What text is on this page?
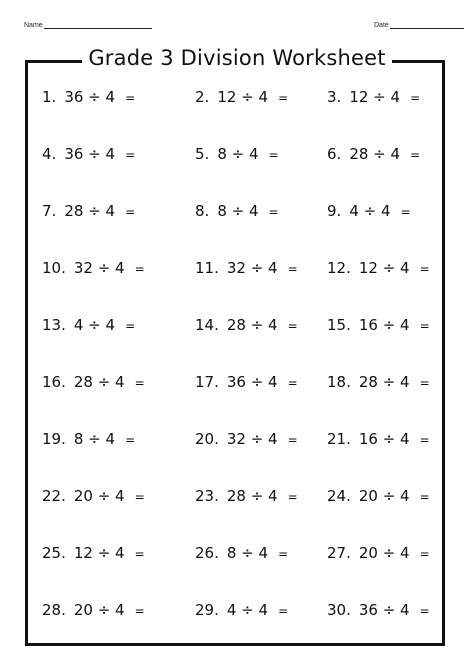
Name	Date
Grade 3 Division Worksheet
1. 36 ÷ 4 =	2. 12 ÷ 4 =	3. 12 ÷ 4 =
4. 36 ÷ 4 =	5. 8 ÷ 4 =	6. 28 ÷ 4 =
7. 28 ÷ 4 =	8. 8 ÷ 4 =	9. 4 ÷ 4 =
10. 32 ÷ 4 =	11. 32 ÷ 4 = 12. 12 ÷ 4 =
13. 4 ÷ 4 =	14. 28 ÷ 4 = 15. 16 ÷ 4 =
16. 28 ÷ 4 =	17. 36 ÷ 4 = 18. 28 ÷ 4 =
19. 8 ÷ 4 =	20. 32 ÷ 4 = 21. 16 ÷ 4 =
22. 20 ÷ 4 =	23. 28 ÷ 4 = 24. 20 ÷ 4 =
25. 12 ÷ 4 =	26. 8 ÷ 4 =	27. 20 ÷ 4 =
28. 20 ÷ 4 =	29. 4 ÷ 4 =	30. 36 ÷ 4 =
